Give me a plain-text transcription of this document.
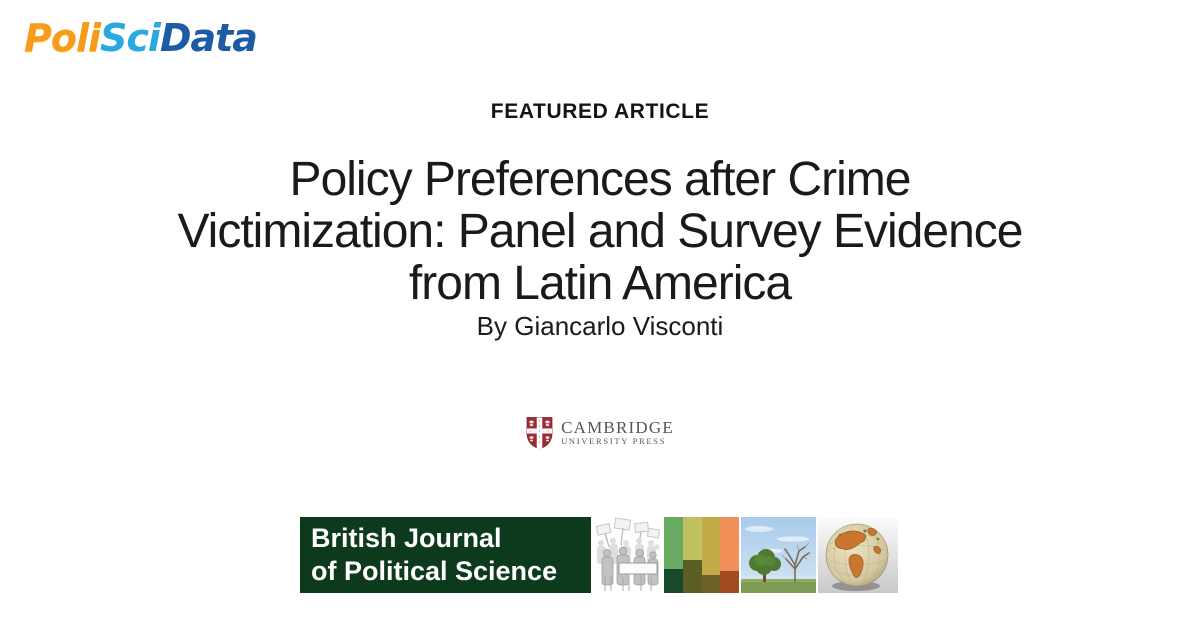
PoliSciData
FEATURED ARTICLE
Policy Preferences after Crime
Victimization: Panel and Survey Evidence
from Latin America
By Giancarlo Visconti
CAMBRIDGE
UNIVERSITY PRESS
British Journal
of Political Science
